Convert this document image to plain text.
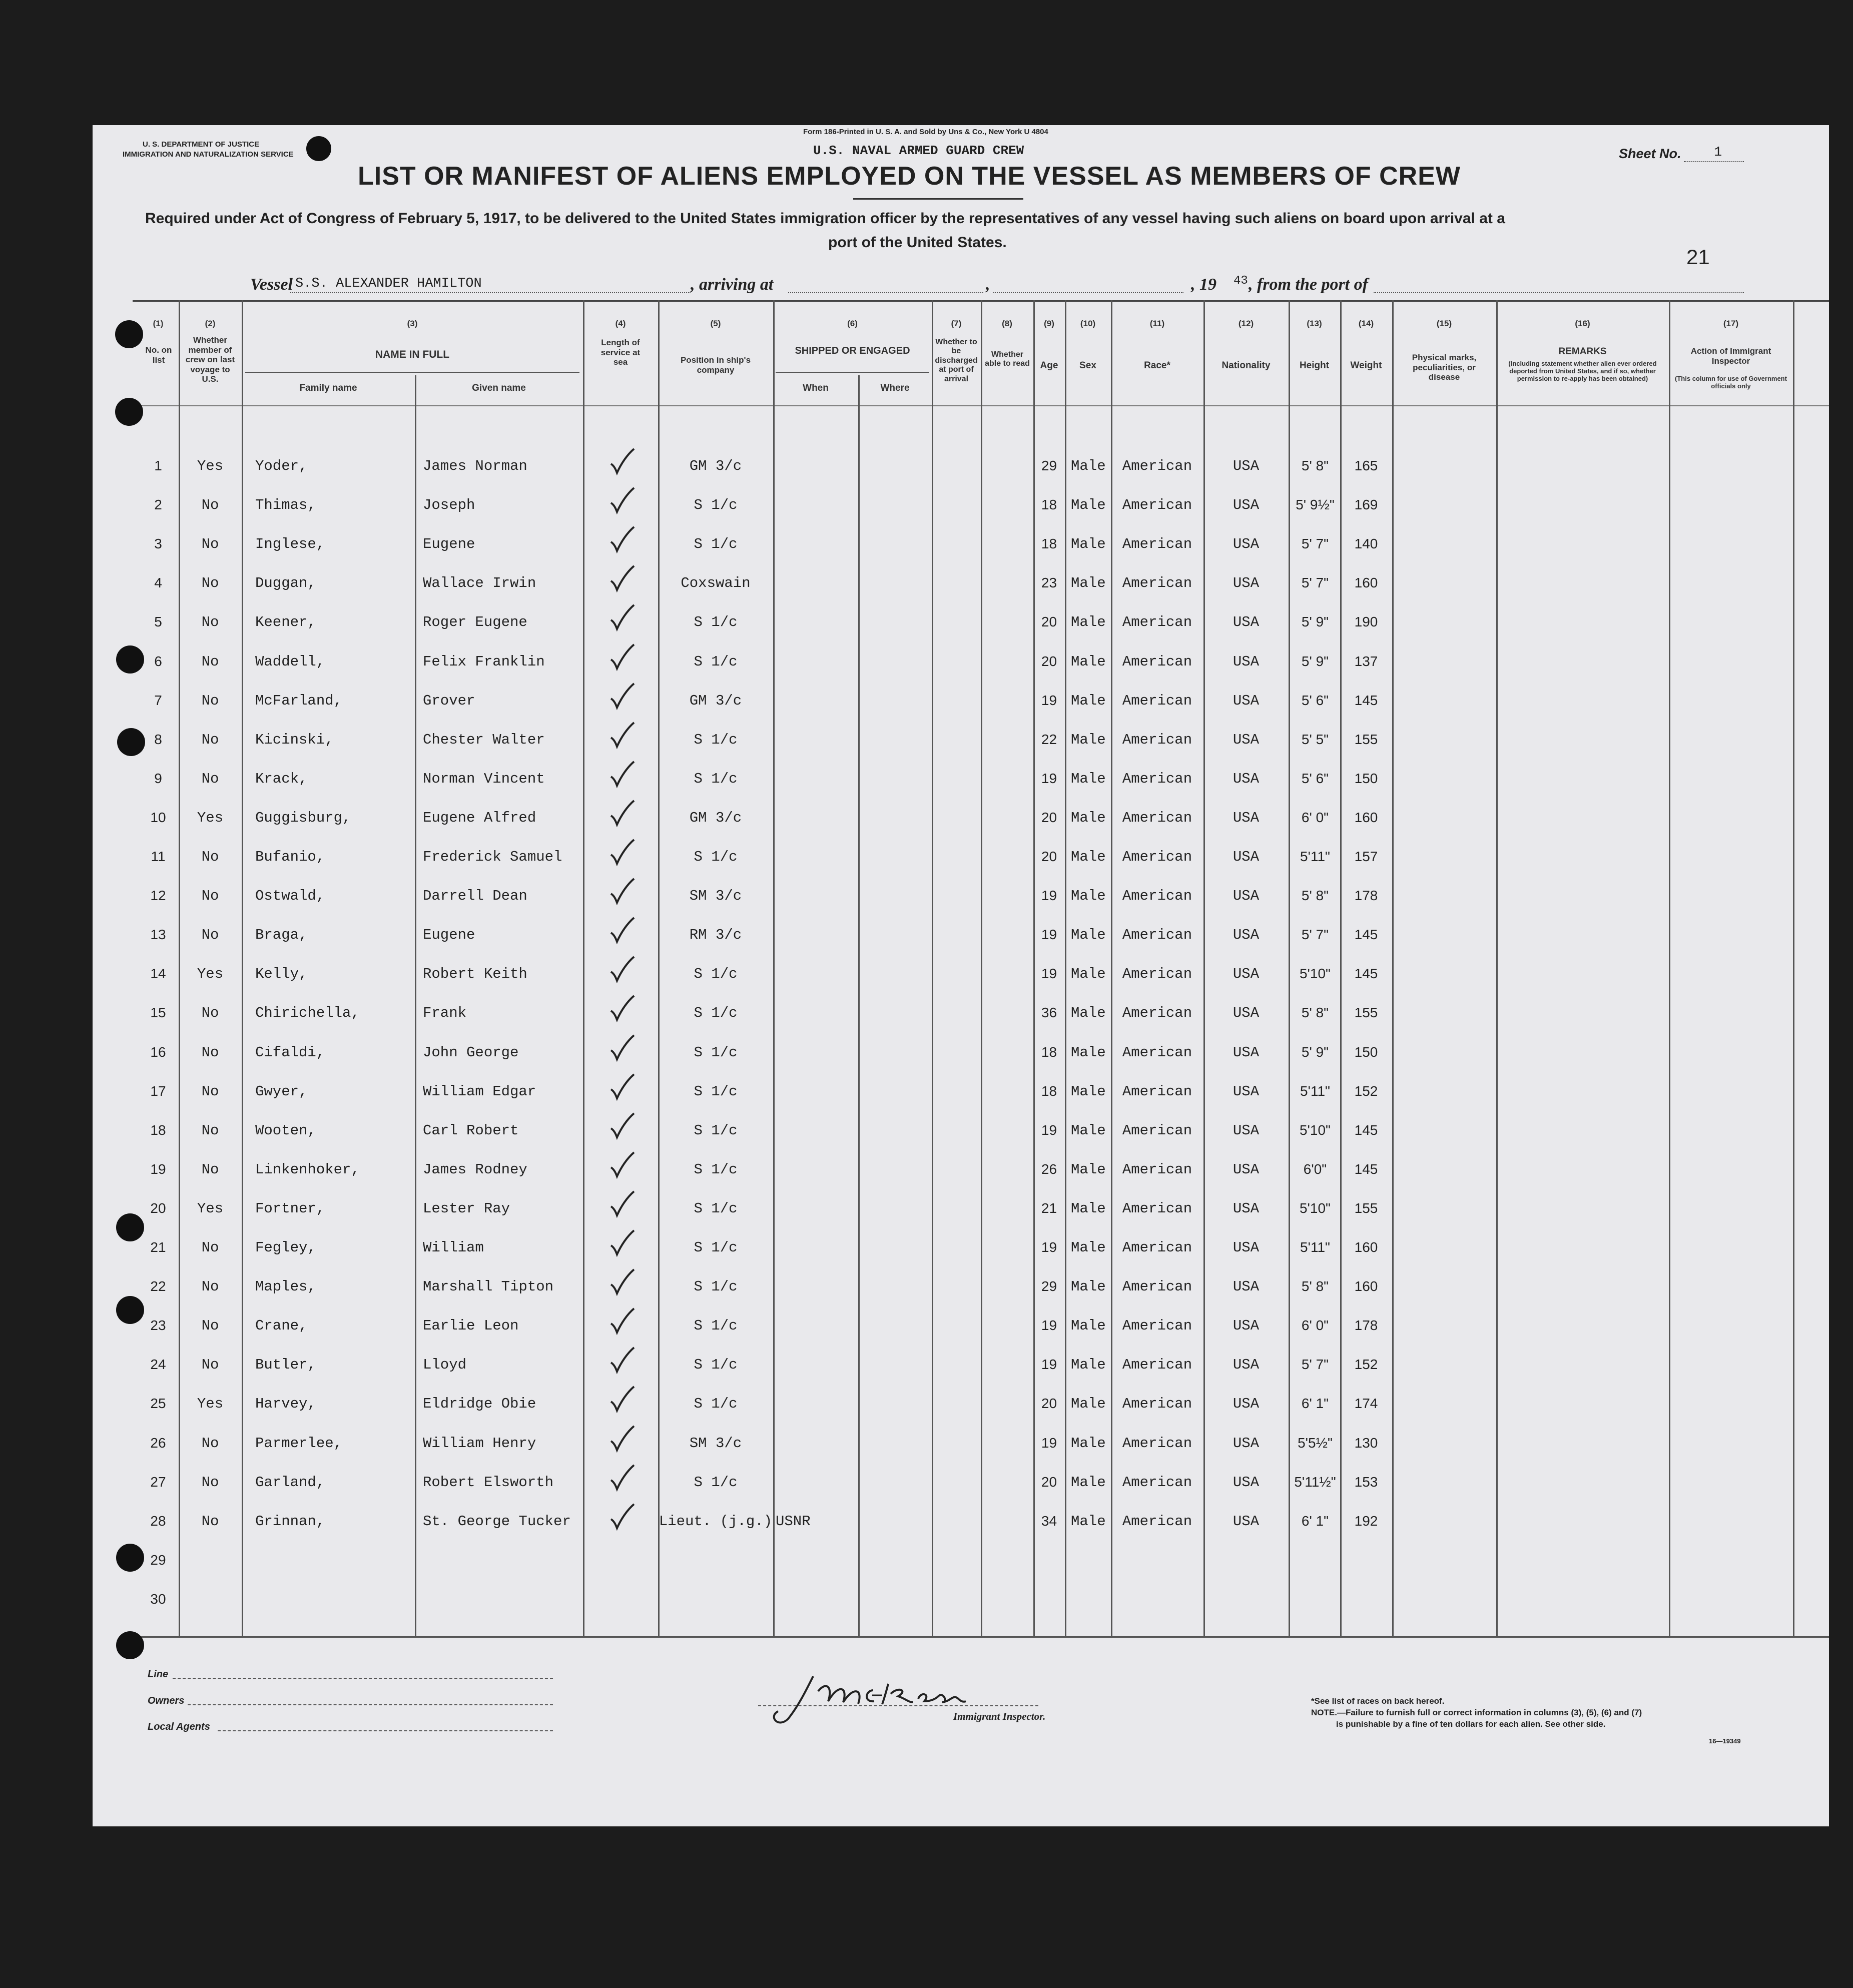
Form 186-Printed in U. S. A. and Sold by Uns & Co., New York U 4804
U. S. DEPARTMENT OF JUSTICE
IMMIGRATION AND NATURALIZATION SERVICE	U.S. NAVAL ARMED GUARD CREW	Sheet No. 1
LIST OR MANIFEST OF ALIENS EMPLOYED ON THE VESSEL AS MEMBERS OF CREW
Required under Act of Congress of February 5, 1917, to be delivered to the United States immigration officer by the representatives of any vessel having such aliens on board upon arrival at a
port of the United States.
21
Vessel S.S. ALEXANDER HAMILTON	, arriving at	,	, 19 43 , from the port of
(1)
No. on list
(2)
Whether member of crew on last voyage to U.S.
(3)
NAME IN FULL
Family name	Given name
(4)
Length of service at sea
(5)
Position in ship's company
(6)
SHIPPED OR ENGAGED
When	Where
(7)
Whether to be discharged at port of arrival
(8)
Whether able to read
(9)
Age
(10)
Sex
(11)
Race*
(12)
Nationality
(13)
Height
(14)
Weight
(15)
Physical marks, peculiarities, or disease
(16)
REMARKS
(Including statement whether alien ever ordered deported from United States, and if so, whether permission to re-apply has been obtained)
(17)
Action of Immigrant Inspector
(This column for use of Government officials only
1	Yes	Yoder,	James Norman	GM 3/c	29 Male	American	USA	5' 8"	165
2	No	Thimas,	Joseph	S 1/c	18 Male	American	USA	5' 9½"	169
3	No	Inglese,	Eugene	S 1/c	18 Male	American	USA	5' 7"	140
4	No	Duggan,	Wallace Irwin	Coxswain	23 Male	American	USA	5' 7"	160
5	No	Keener,	Roger Eugene	S 1/c	20 Male	American	USA	5' 9"	190
6	No	Waddell,	Felix Franklin	S 1/c	20 Male	American	USA	5' 9"	137
7	No	McFarland,	Grover	GM 3/c	19 Male	American	USA	5' 6"	145
8	No	Kicinski,	Chester Walter	S 1/c	22 Male	American	USA	5' 5"	155
9	No	Krack,	Norman Vincent	S 1/c	19 Male	American	USA	5' 6"	150
10	Yes	Guggisburg,	Eugene Alfred	GM 3/c	20 Male	American	USA	6' 0"	160
11	No	Bufanio,	Frederick Samuel	S 1/c	20 Male	American	USA	5'11"	157
12	No	Ostwald,	Darrell Dean	SM 3/c	19 Male	American	USA	5' 8"	178
13	No	Braga,	Eugene	RM 3/c	19 Male	American	USA	5' 7"	145
14	Yes	Kelly,	Robert Keith	S 1/c	19 Male	American	USA	5'10"	145
15	No	Chirichella,	Frank	S 1/c	36 Male	American	USA	5' 8"	155
16	No	Cifaldi,	John George	S 1/c	18 Male	American	USA	5' 9"	150
17	No	Gwyer,	William Edgar	S 1/c	18 Male	American	USA	5'11"	152
18	No	Wooten,	Carl Robert	S 1/c	19 Male	American	USA	5'10"	145
19	No	Linkenhoker,	James Rodney	S 1/c	26 Male	American	USA	6'0"	145
20	Yes	Fortner,	Lester Ray	S 1/c	21 Male	American	USA	5'10"	155
21	No	Fegley,	William	S 1/c	19 Male	American	USA	5'11"	160
22	No	Maples,	Marshall Tipton	S 1/c	29 Male	American	USA	5' 8"	160
23	No	Crane,	Earlie Leon	S 1/c	19 Male	American	USA	6' 0"	178
24	No	Butler,	Lloyd	S 1/c	19 Male	American	USA	5' 7"	152
25	Yes	Harvey,	Eldridge Obie	S 1/c	20 Male	American	USA	6' 1"	174
26	No	Parmerlee,	William Henry	SM 3/c	19 Male	American	USA	5'5½"	130
27	No	Garland,	Robert Elsworth	S 1/c	20 Male	American	USA	5'11½"	153
28	No	Grinnan,	St. George Tucker	Lieut. (j.g.) USNR	34 Male	American	USA	6' 1"	192
29
30
Line
Owners
Local Agents
Immigrant Inspector.
*See list of races on back hereof.
NOTE.—Failure to furnish full or correct information in columns (3), (5), (6) and (7)
is punishable by a fine of ten dollars for each alien. See other side.
16—19349
